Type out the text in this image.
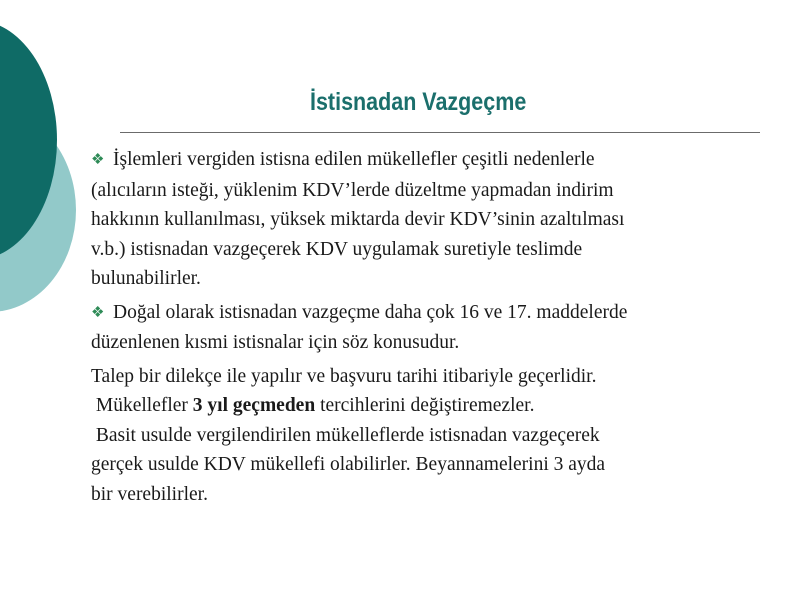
İstisnadan Vazgeçme
❖ İşlemleri vergiden istisna edilen mükellefler çeşitli nedenlerle
(alıcıların isteği, yüklenim KDV’lerde düzeltme yapmadan indirim
hakkının kullanılması, yüksek miktarda devir KDV’sinin azaltılması
v.b.) istisnadan vazgeçerek KDV uygulamak suretiyle teslimde
bulunabilirler.
❖ Doğal olarak istisnadan vazgeçme daha çok 16 ve 17. maddelerde
düzenlenen kısmi istisnalar için söz konusudur.
Talep bir dilekçe ile yapılır ve başvuru tarihi itibariyle geçerlidir.
Mükellefler 3 yıl geçmeden tercihlerini değiştiremezler.
Basit usulde vergilendirilen mükelleflerde istisnadan vazgeçerek
gerçek usulde KDV mükellefi olabilirler. Beyannamelerini 3 ayda
bir verebilirler.
